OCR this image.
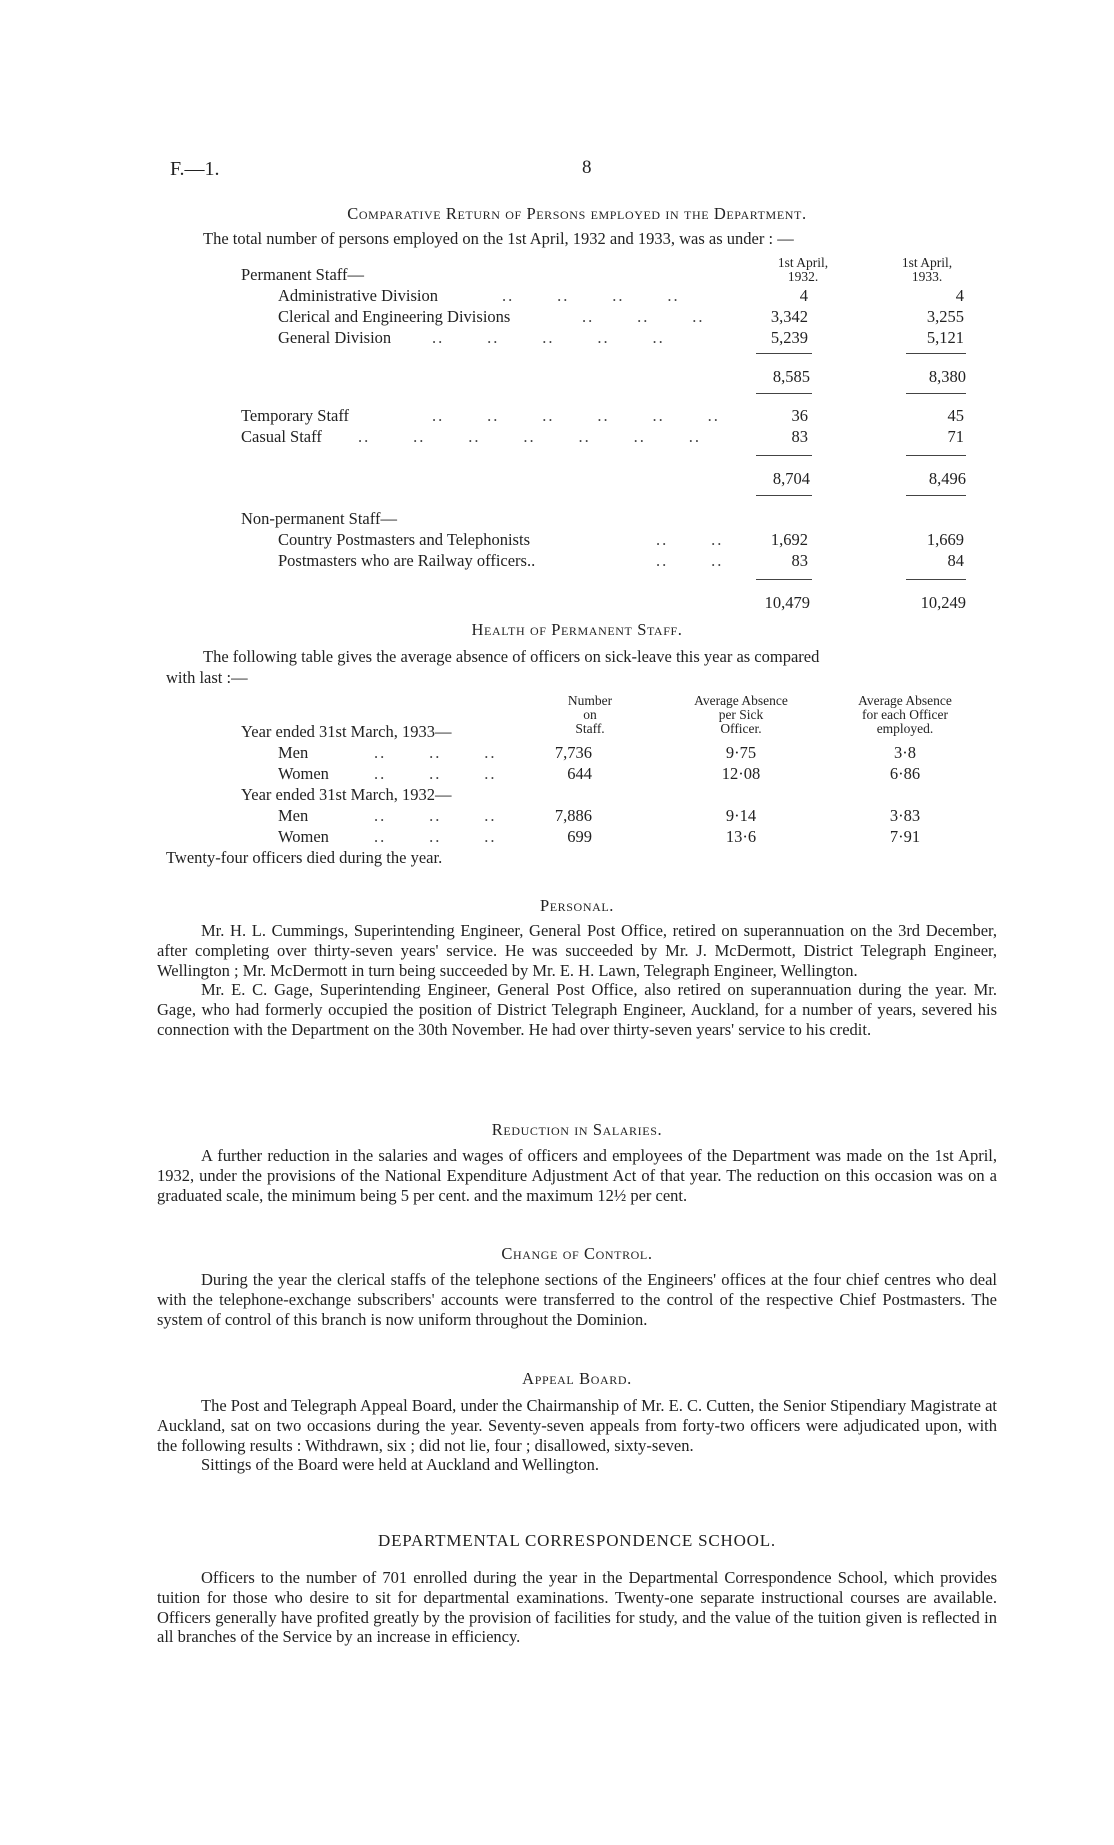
F.—1.	8
Comparative Return of Persons employed in the Department.
The total number of persons employed on the 1st April, 1932 and 1933, was as under : —
1st April,
1932.
1st April,
1933.
Permanent Staff—
Administrative Division	..       ..       ..       ..	4	4
Clerical and Engineering Divisions	..       ..       ..	3,342	3,255
General Division ..       ..       ..       ..       ..	5,239	5,121
8,585	8,380
Temporary Staff	..       ..       ..       ..       ..       ..	36	45
Casual Staff ..       ..       ..       ..       ..       ..       ..	83	71
8,704	8,496
Non-permanent Staff—
Country Postmasters and Telephonists	..       ..	1,692	1,669
Postmasters who are Railway officers..	..       ..	83	84
10,479	10,249
Health of Permanent Staff.
The following table gives the average absence of officers on sick-leave this year as compared
with last :—
Number
on
Staff.
Average Absence
per Sick
Officer.
Average Absence
for each Officer
employed.
Year ended 31st March, 1933—
Men	..       ..       ..	7,736	9·75	3·8
Women	..       ..       ..	644	12·08	6·86
Year ended 31st March, 1932—
Men	..       ..       ..	7,886	9·14	3·83
Women	..       ..       ..	699	13·6	7·91
Twenty-four officers died during the year.
Personal.

Mr. H. L. Cummings, Superintending Engineer, General Post Office, retired on superannuation on the 3rd December, after completing over thirty-seven years' service. He was succeeded by Mr. J. McDermott, District Telegraph Engineer, Wellington ; Mr. McDermott in turn being succeeded by Mr. E. H. Lawn, Telegraph Engineer, Wellington.

Mr. E. C. Gage, Superintending Engineer, General Post Office, also retired on superannuation during the year. Mr. Gage, who had formerly occupied the position of District Telegraph Engineer, Auckland, for a number of years, severed his connection with the Department on the 30th November. He had over thirty-seven years' service to his credit.

Reduction in Salaries.

A further reduction in the salaries and wages of officers and employees of the Department was made on the 1st April, 1932, under the provisions of the National Expenditure Adjustment Act of that year. The reduction on this occasion was on a graduated scale, the minimum being 5 per cent. and the maximum 12½ per cent.

Change of Control.

During the year the clerical staffs of the telephone sections of the Engineers' offices at the four chief centres who deal with the telephone-exchange subscribers' accounts were transferred to the control of the respective Chief Postmasters. The system of control of this branch is now uniform throughout the Dominion.

Appeal Board.

The Post and Telegraph Appeal Board, under the Chairmanship of Mr. E. C. Cutten, the Senior Stipendiary Magistrate at Auckland, sat on two occasions during the year. Seventy-seven appeals from forty-two officers were adjudicated upon, with the following results : Withdrawn, six ; did not lie, four ; disallowed, sixty-seven.

Sittings of the Board were held at Auckland and Wellington.

DEPARTMENTAL CORRESPONDENCE SCHOOL.

Officers to the number of 701 enrolled during the year in the Departmental Correspondence School, which provides tuition for those who desire to sit for departmental examinations. Twenty-one separate instructional courses are available. Officers generally have profited greatly by the provision of facilities for study, and the value of the tuition given is reflected in all branches of the Service by an increase in efficiency.
